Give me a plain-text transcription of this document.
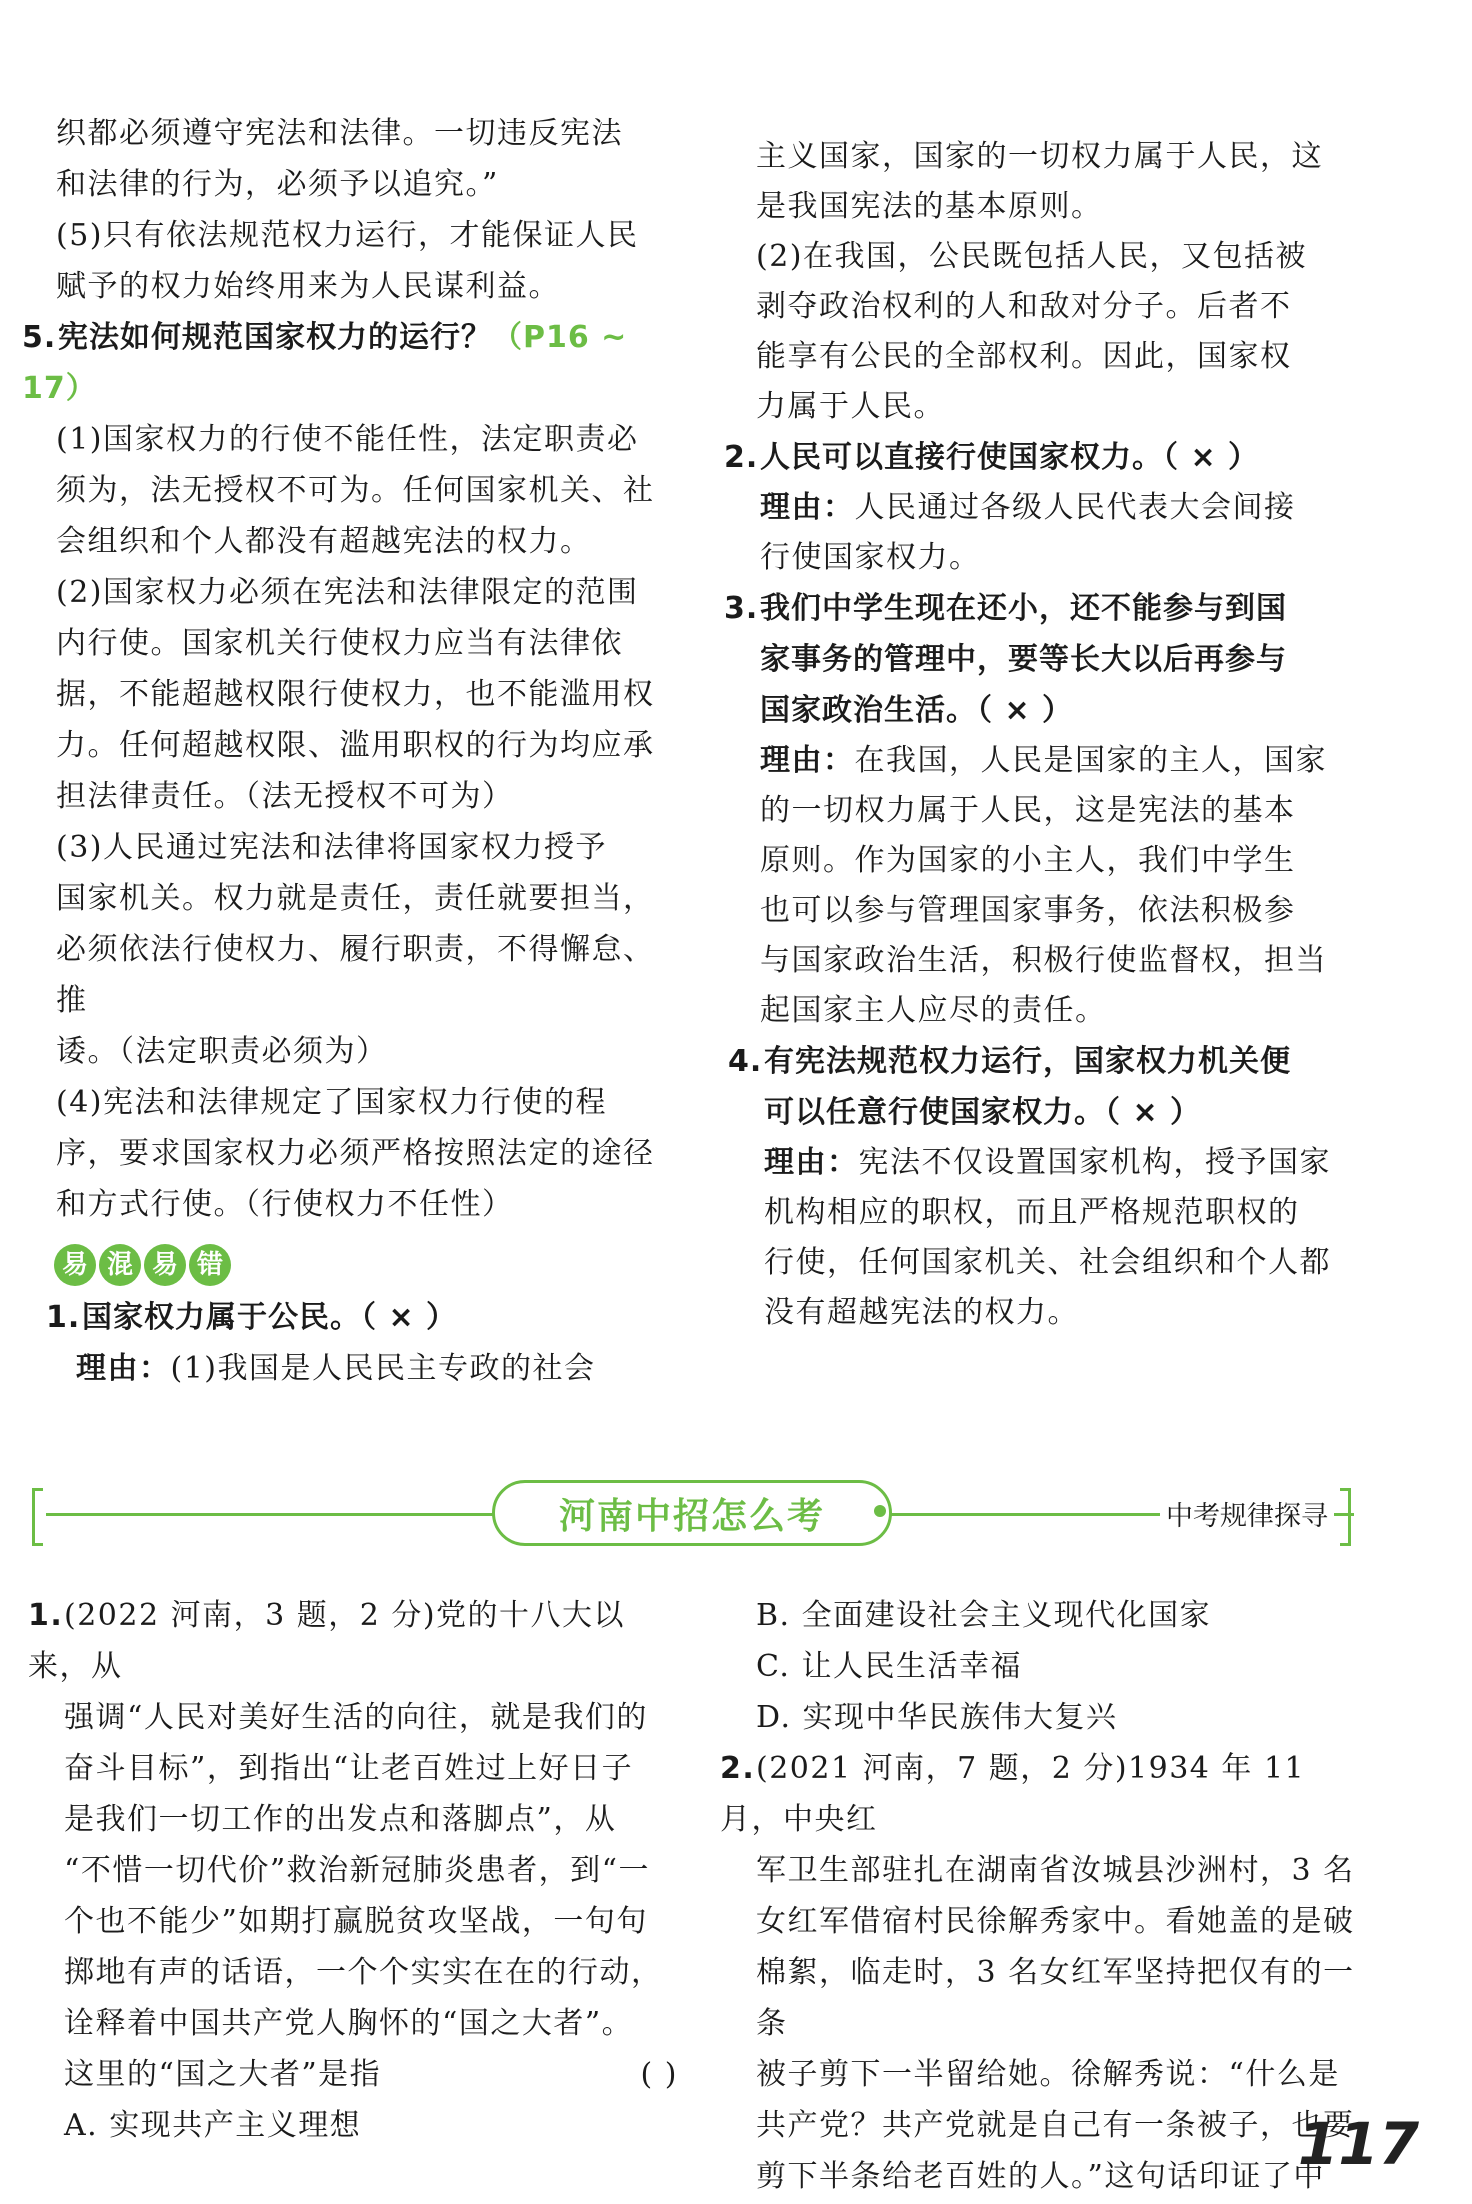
织都必须遵守宪法和法律。一切违反宪法

和法律的行为，必须予以追究。”

(5)只有依法规范权力运行，才能保证人民

赋予的权力始终用来为人民谋利益。

5.宪法如何规范国家权力的运行？（P16 ~ 17）

(1)国家权力的行使不能任性，法定职责必

须为，法无授权不可为。任何国家机关、社

会组织和个人都没有超越宪法的权力。

(2)国家权力必须在宪法和法律限定的范围

内行使。国家机关行使权力应当有法律依

据，不能超越权限行使权力，也不能滥用权

力。任何超越权限、滥用职权的行为均应承

担法律责任。（法无授权不可为）

(3)人民通过宪法和法律将国家权力授予

国家机关。权力就是责任，责任就要担当，

必须依法行使权力、履行职责，不得懈怠、推

诿。（法定职责必须为）

(4)宪法和法律规定了国家权力行使的程

序，要求国家权力必须严格按照法定的途径

和方式行使。（行使权力不任性）

易 混 易 错

1.国家权力属于公民。（ × ）

理由：(1)我国是人民民主专政的社会

主义国家，国家的一切权力属于人民，这

是我国宪法的基本原则。

(2)在我国，公民既包括人民，又包括被

剥夺政治权利的人和敌对分子。后者不

能享有公民的全部权利。因此，国家权

力属于人民。

2.人民可以直接行使国家权力。（ × ）

理由：人民通过各级人民代表大会间接

行使国家权力。

3.我们中学生现在还小，还不能参与到国

家事务的管理中，要等长大以后再参与

国家政治生活。（ × ）

理由：在我国，人民是国家的主人，国家

的一切权力属于人民，这是宪法的基本

原则。作为国家的小主人，我们中学生

也可以参与管理国家事务，依法积极参

与国家政治生活，积极行使监督权，担当

起国家主人应尽的责任。

4.有宪法规范权力运行，国家权力机关便

可以任意行使国家权力。（ × ）

理由：宪法不仅设置国家机构，授予国家

机构相应的职权，而且严格规范职权的

行使，任何国家机关、社会组织和个人都

没有超越宪法的权力。

河南中招怎么考	中考规律探寻

1.(2022 河南，3 题，2 分)党的十八大以来，从

强调“人民对美好生活的向往，就是我们的

奋斗目标”，到指出“让老百姓过上好日子

是我们一切工作的出发点和落脚点”，从

“不惜一切代价”救治新冠肺炎患者，到“一

个也不能少”如期打赢脱贫攻坚战，一句句

掷地有声的话语，一个个实实在在的行动，

诠释着中国共产党人胸怀的“国之大者”。

这里的“国之大者”是指	( )

A. 实现共产主义理想

B. 全面建设社会主义现代化国家

C. 让人民生活幸福

D. 实现中华民族伟大复兴

2.(2021 河南，7 题，2 分)1934 年 11 月，中央红

军卫生部驻扎在湖南省汝城县沙洲村，3 名

女红军借宿村民徐解秀家中。看她盖的是破

棉絮，临走时，3 名女红军坚持把仅有的一条

被子剪下一半留给她。徐解秀说：“什么是

共产党？共产党就是自己有一条被子，也要

剪下半条给老百姓的人。”这句话印证了中

117
